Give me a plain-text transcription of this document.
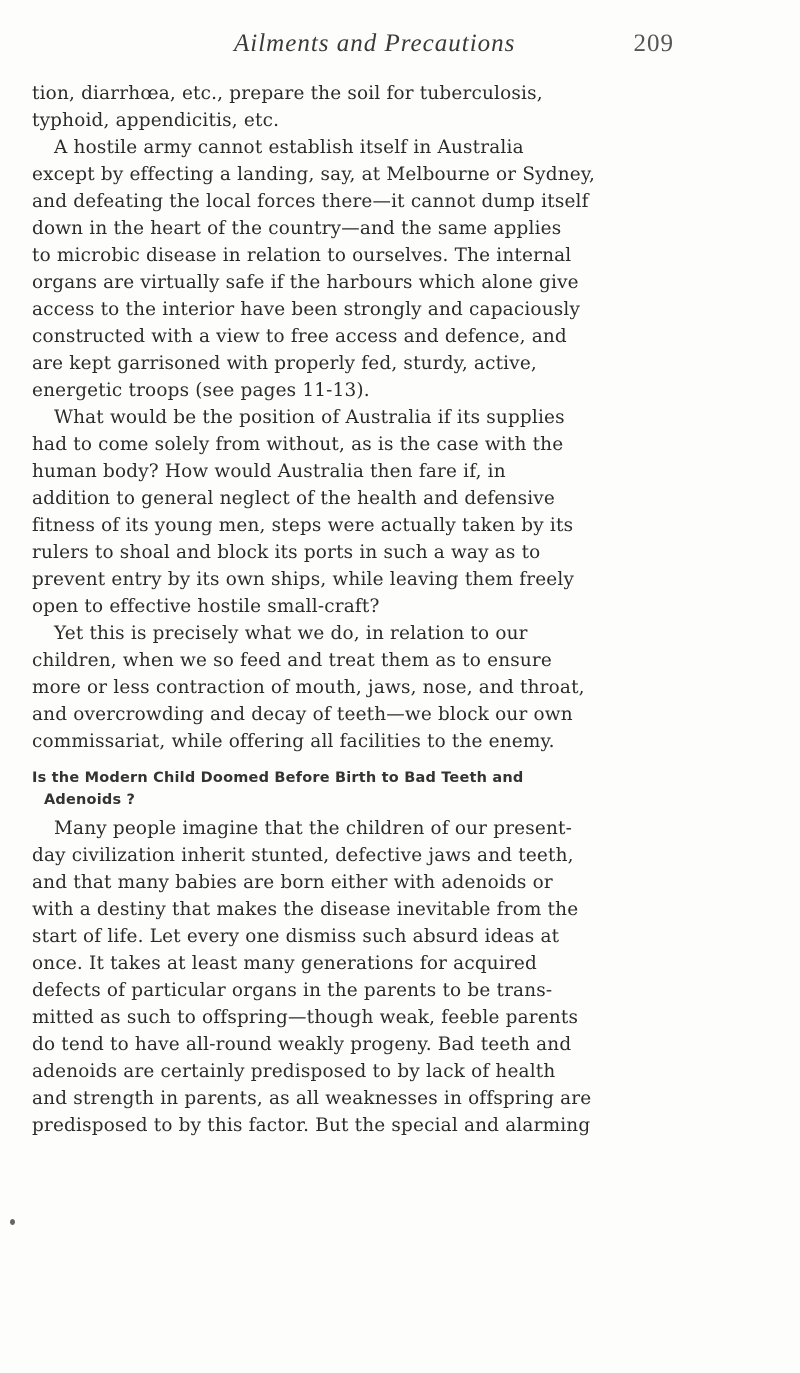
Ailments and Precautions	209
tion, diarrhœa, etc., prepare the soil for tuberculosis,
typhoid, appendicitis, etc.
A hostile army cannot establish itself in Australia
except by effecting a landing, say, at Melbourne or Sydney,
and defeating the local forces there—it cannot dump itself
down in the heart of the country—and the same applies
to microbic disease in relation to ourselves. The internal
organs are virtually safe if the harbours which alone give
access to the interior have been strongly and capaciously
constructed with a view to free access and defence, and
are kept garrisoned with properly fed, sturdy, active,
energetic troops (see pages 11-13).
What would be the position of Australia if its supplies
had to come solely from without, as is the case with the
human body? How would Australia then fare if, in
addition to general neglect of the health and defensive
fitness of its young men, steps were actually taken by its
rulers to shoal and block its ports in such a way as to
prevent entry by its own ships, while leaving them freely
open to effective hostile small-craft?
Yet this is precisely what we do, in relation to our
children, when we so feed and treat them as to ensure
more or less contraction of mouth, jaws, nose, and throat,
and overcrowding and decay of teeth—we block our own
commissariat, while offering all facilities to the enemy.
Is the Modern Child Doomed Before Birth to Bad Teeth and
Adenoids ?
Many people imagine that the children of our present-
day civilization inherit stunted, defective jaws and teeth,
and that many babies are born either with adenoids or
with a destiny that makes the disease inevitable from the
start of life. Let every one dismiss such absurd ideas at
once. It takes at least many generations for acquired
defects of particular organs in the parents to be trans-
mitted as such to offspring—though weak, feeble parents
do tend to have all-round weakly progeny. Bad teeth and
adenoids are certainly predisposed to by lack of health
and strength in parents, as all weaknesses in offspring are
predisposed to by this factor. But the special and alarming
